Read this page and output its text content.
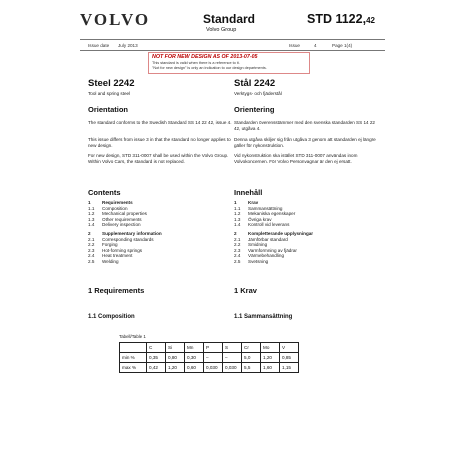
VOLVO	Standard
Volvo Group
STD 1122,42
Issue date July 2013	Issue	4	Page 1(4)
NOT FOR NEW DESIGN AS OF 2013-07-05
This standard is valid when there is a reference to it.
"Not for new design" is only an indication to our design departments.
Steel 2242
Tool and spring steel
Orientation
The standard conforms to the Swedish Standard SS 14 22 42, issue 4.
This issue differs from issue 3 in that the standard no longer applies to new design.
For new design, STD 311-0007 shall be used within the Volvo Group. Within Volvo Cars, the standard is not replaced.
Stål 2242
Verktygs- och fjäderstål
Orientering
Standarden överensstämmer med den svenska standarden SS 14 22 42, utgåva 4.
Denna utgåva skiljer sig från utgåva 3 genom att standarden ej längre gäller för nykonstruktion.
Vid nykonstruktion ska istället STD 311-0007 användas inom Volvokoncernen. För Volvo Personvagnar är den ej ersatt.
Contents
1	Requirements
1.1	Composition
1.2	Mechanical properties
1.3	Other requirements
1.4	Delivery inspection
2	Supplementary information
2.1	Corresponding standards
2.2	Forging
2.3	Hot-forming springs
2.4	Heat treatment
2.5	Welding
Innehåll
1	Krav
1.1	Sammansättning
1.2	Mekaniska egenskaper
1.3	Övriga krav
1.4	Kontroll vid leverans
2	Kompletterande upplysningar
2.1	Jämförbar standard
2.2	Smidning
2.3	Varmformning av fjädrar
2.4	Värmebehandling
2.5	Svetsning
1 Requirements	1 Krav
1.1 Composition	1.1 Sammansättning
Tabell/Table 1
	C	Si	Mn	P	S	Cr	Mo	V
min %	0,35	0,80	0,30	–	–	5,0	1,20	0,85
max %	0,42	1,20	0,60	0,030	0,030	5,5	1,60	1,15
